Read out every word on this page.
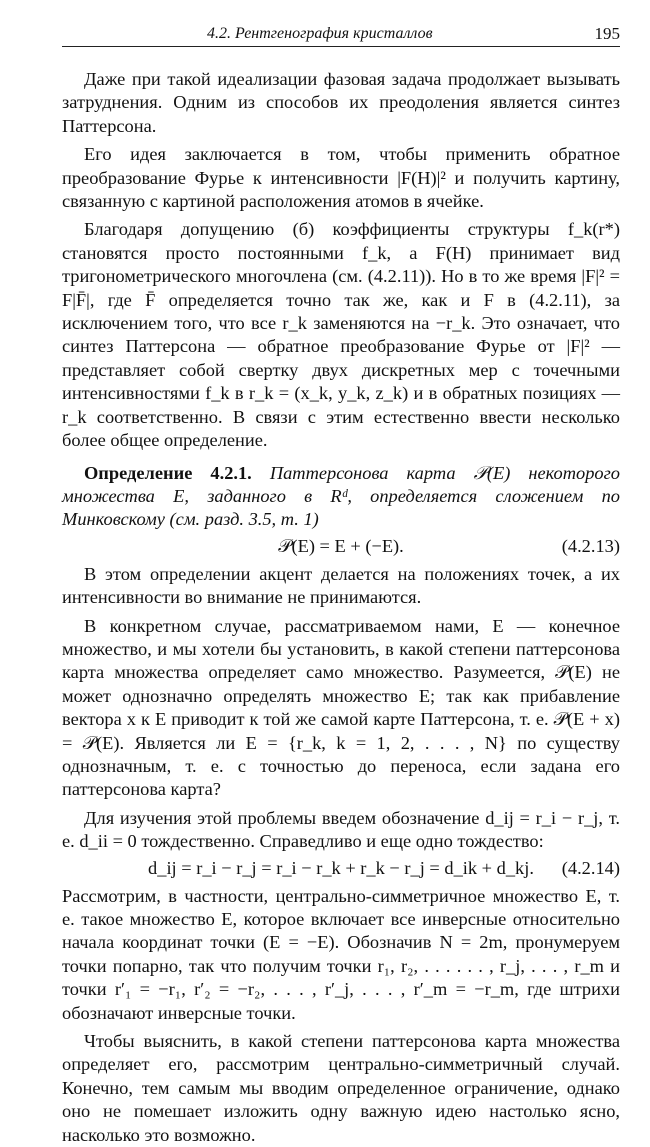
4.2. Рентгенография кристаллов	195

Даже при такой идеализации фазовая задача продолжает вызывать затруднения. Одним из способов их преодоления является синтез Паттерсона.

Его идея заключается в том, чтобы применить обратное преобразование Фурье к интенсивности |F(H)|² и получить картину, связанную с картиной расположения атомов в ячейке.

Благодаря допущению (б) коэффициенты структуры f_k(r*) становятся просто постоянными f_k, а F(H) принимает вид тригонометрического многочлена (см. (4.2.11)). Но в то же время |F|² = F|F̄|, где F̄ определяется точно так же, как и F в (4.2.11), за исключением того, что все r_k заменяются на −r_k. Это означает, что синтез Паттерсона — обратное преобразование Фурье от |F|² — представляет собой свертку двух дискретных мер с точечными интенсивностями f_k в r_k = (x_k, y_k, z_k) и в обратных позициях — r_k соответственно. В связи с этим естественно ввести несколько более общее определение.

Определение 4.2.1. Паттерсонова карта 𝒫(E) некоторого множества E, заданного в Rᵈ, определяется сложением по Минковскому (см. разд. 3.5, т. 1)

𝒫(E) = E + (−E).	(4.2.13)

В этом определении акцент делается на положениях точек, а их интенсивности во внимание не принимаются.

В конкретном случае, рассматриваемом нами, E — конечное множество, и мы хотели бы установить, в какой степени паттерсонова карта множества определяет само множество. Разумеется, 𝒫(E) не может однозначно определять множество E; так как прибавление вектора x к E приводит к той же самой карте Паттерсона, т. е. 𝒫(E + x) = 𝒫(E). Является ли E = {r_k, k = 1, 2, . . . , N} по существу однозначным, т. е. с точностью до переноса, если задана его паттерсонова карта?

Для изучения этой проблемы введем обозначение d_ij = r_i − r_j, т. е. d_ii = 0 тождественно. Справедливо и еще одно тождество:

d_ij = r_i − r_j = r_i − r_k + r_k − r_j = d_ik + d_kj.	(4.2.14)

Рассмотрим, в частности, центрально-симметричное множество E, т. е. такое множество E, которое включает все инверсные относительно начала координат точки (E = −E). Обозначив N = 2m, пронумеруем точки попарно, так что получим точки r₁, r₂, . . . . . . , r_j, . . . , r_m и точки r′₁ = −r₁, r′₂ = −r₂, . . . , r′_j, . . . , r′_m = −r_m, где штрихи обозначают инверсные точки.

Чтобы выяснить, в какой степени паттерсонова карта множества определяет его, рассмотрим центрально-симметричный случай. Конечно, тем самым мы вводим определенное ограничение, однако оно не помешает изложить одну важную идею настолько ясно, насколько это возможно.
